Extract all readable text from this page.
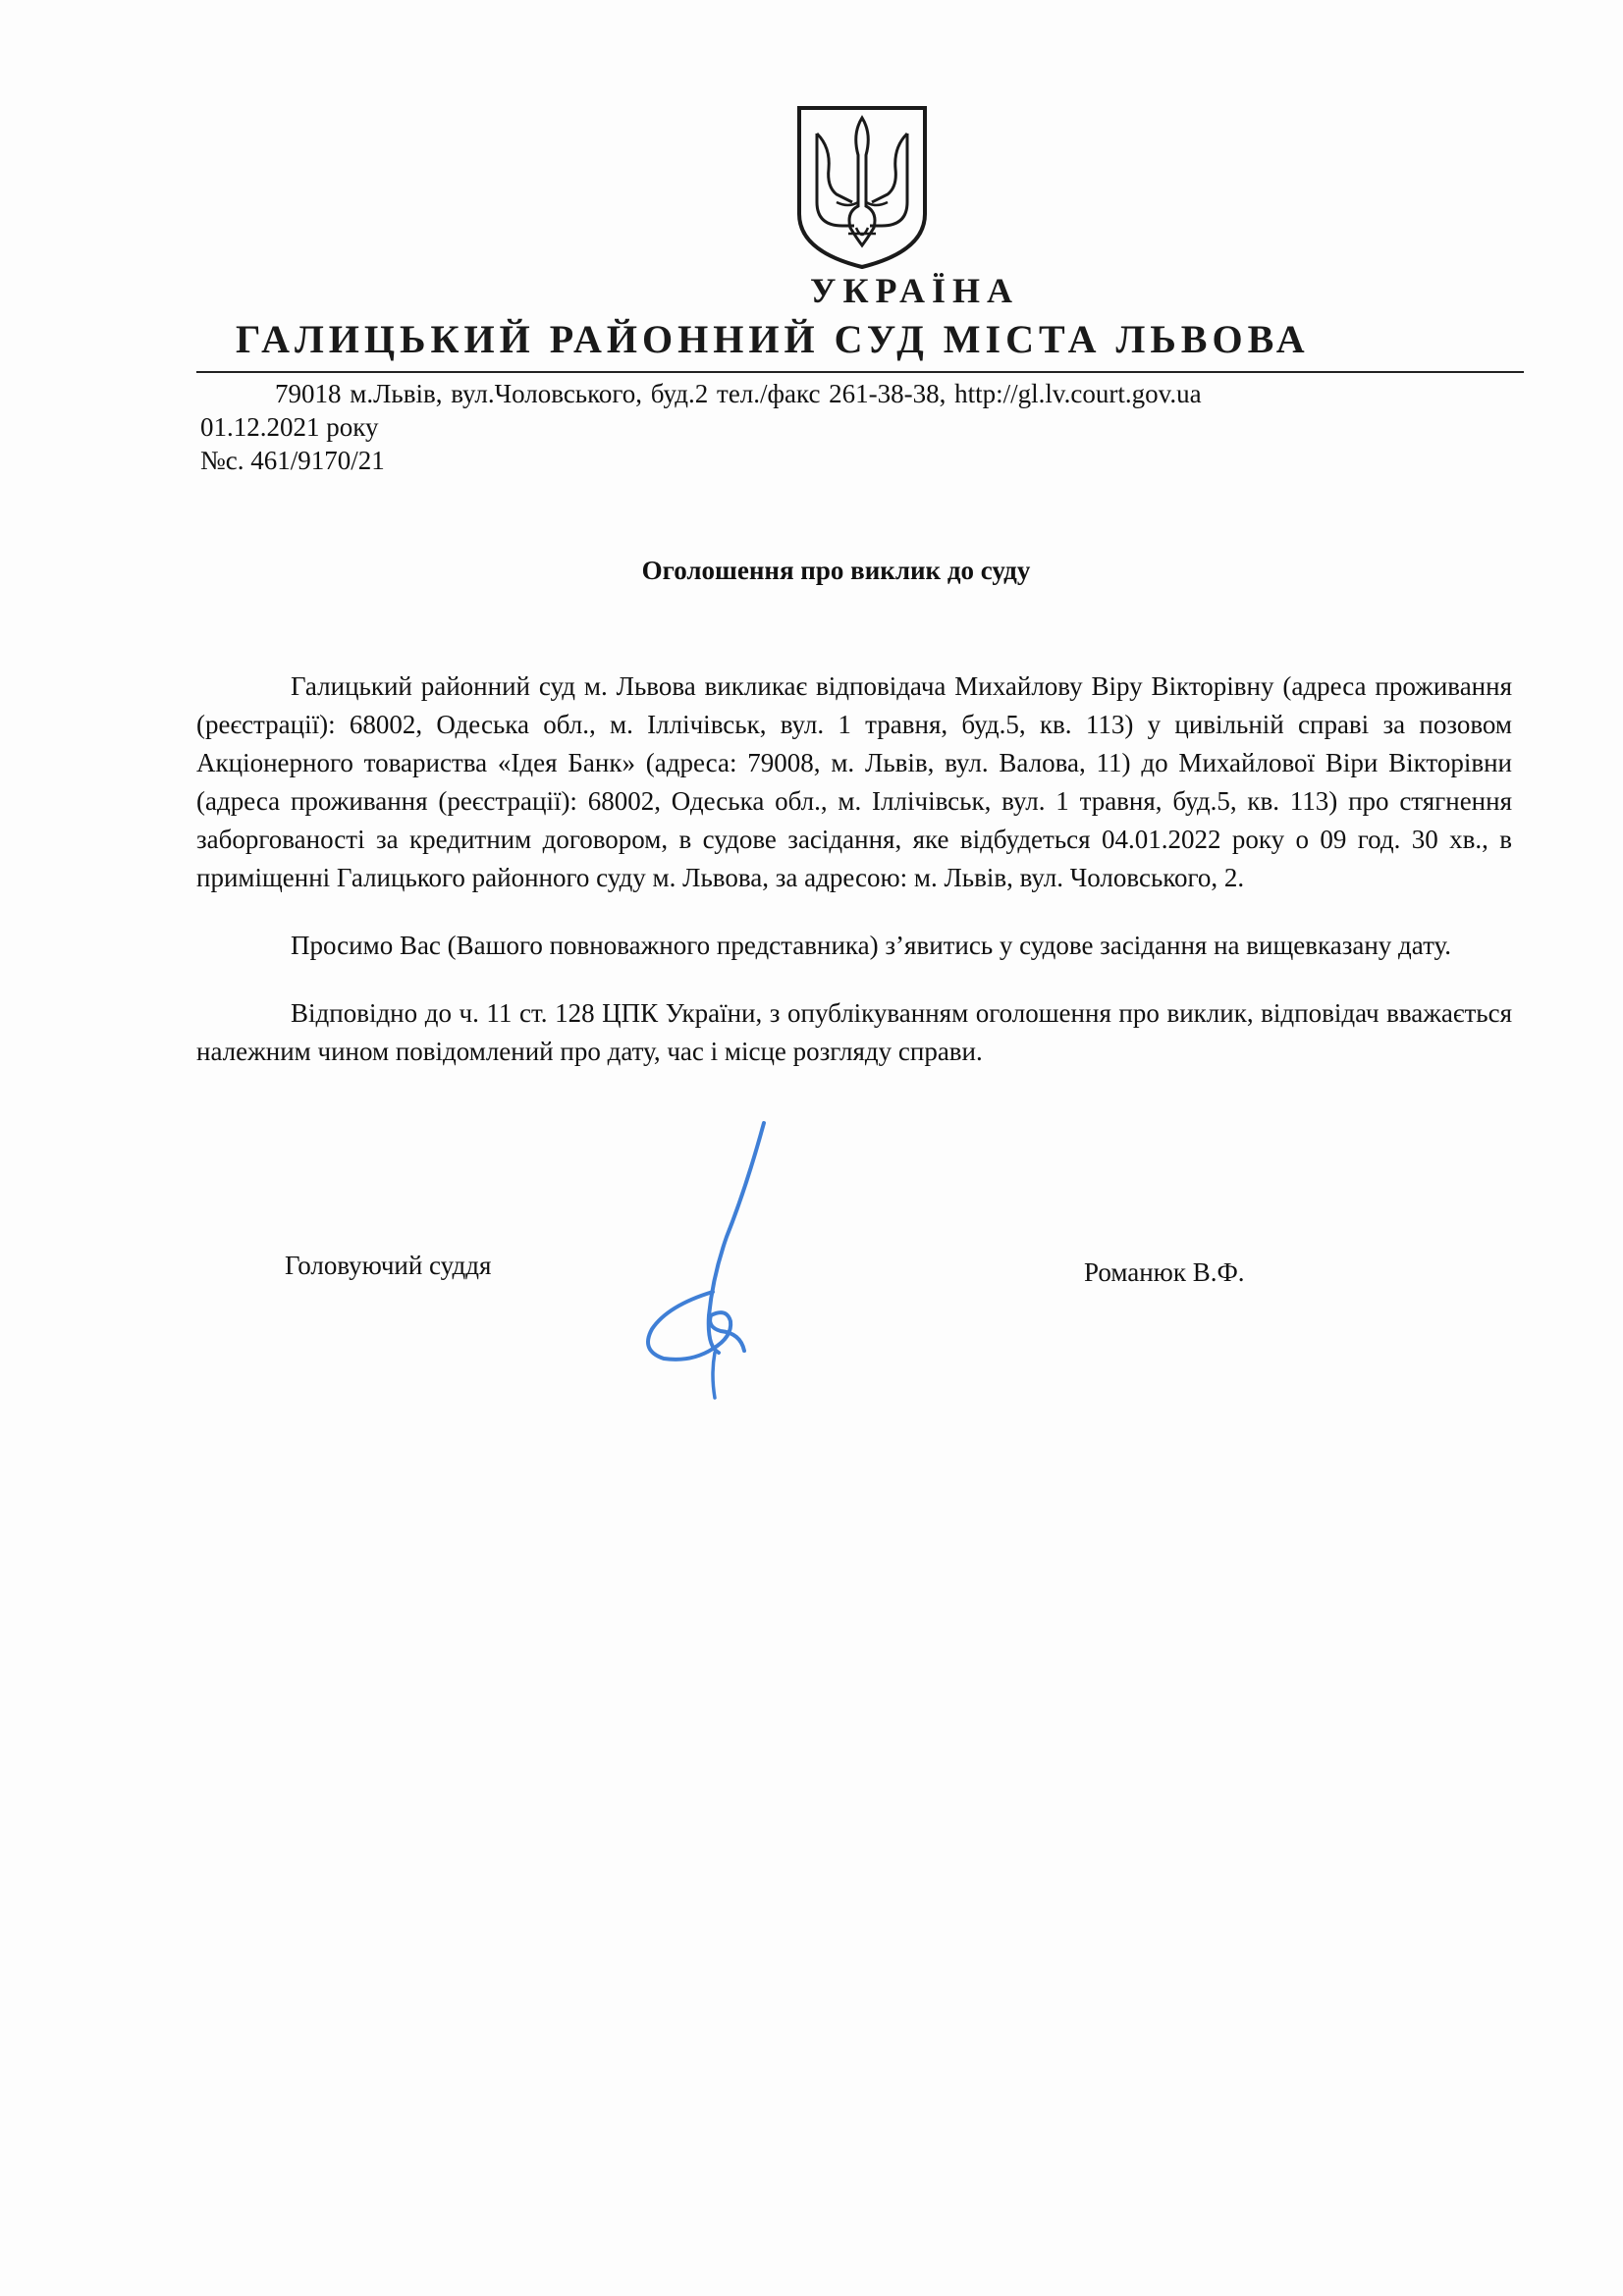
УКРАЇНА
ГАЛИЦЬКИЙ РАЙОННИЙ СУД МІСТА ЛЬВОВА
79018 м.Львів, вул.Чоловського, буд.2 тел./факс 261-38-38, http://gl.lv.court.gov.ua
01.12.2021 року
№с. 461/9170/21
Оголошення про виклик до суду

Галицький районний суд м. Львова викликає відповідача Михайлову Віру Вікторівну (адреса проживання (реєстрації): 68002, Одеська обл., м. Іллічівськ, вул. 1 травня, буд.5, кв. 113) у цивільній справі за позовом Акціонерного товариства «Ідея Банк» (адреса: 79008, м. Львів, вул. Валова, 11) до Михайлової Віри Вікторівни (адреса проживання (реєстрації): 68002, Одеська обл., м. Іллічівськ, вул. 1 травня, буд.5, кв. 113) про стягнення заборгованості за кредитним договором, в судове засідання, яке відбудеться 04.01.2022 року о 09 год. 30 хв., в приміщенні Галицького районного суду м. Львова, за адресою: м. Львів, вул. Чоловського, 2.

Просимо Вас (Вашого повноважного представника) з’явитись у судове засідання на вищевказану дату.

Відповідно до ч. 11 ст. 128 ЦПК України, з опублікуванням оголошення про виклик, відповідач вважається належним чином повідомлений про дату, час і місце розгляду справи.

Головуючий суддя	Романюк В.Ф.
